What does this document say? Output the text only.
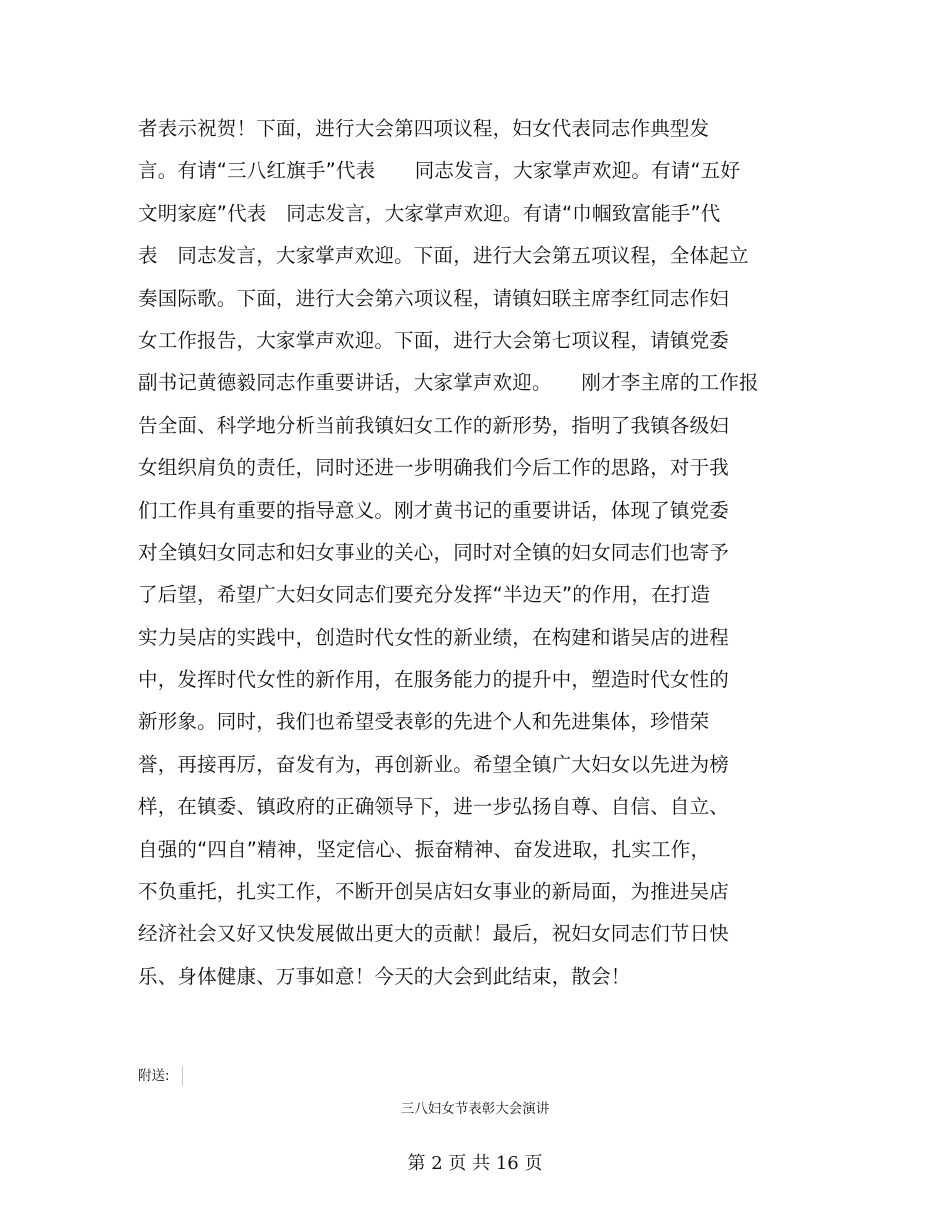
者表示祝贺！下面，进行大会第四项议程，妇女代表同志作典型发
言。有请“三八红旗手”代表　　同志发言，大家掌声欢迎。有请“五好
文明家庭”代表　同志发言，大家掌声欢迎。有请“巾帼致富能手”代
表　同志发言，大家掌声欢迎。下面，进行大会第五项议程，全体起立
奏国际歌。下面，进行大会第六项议程，请镇妇联主席李红同志作妇
女工作报告，大家掌声欢迎。下面，进行大会第七项议程，请镇党委
副书记黄德毅同志作重要讲话，大家掌声欢迎。　　刚才李主席的工作报
告全面、科学地分析当前我镇妇女工作的新形势，指明了我镇各级妇
女组织肩负的责任，同时还进一步明确我们今后工作的思路，对于我
们工作具有重要的指导意义。刚才黄书记的重要讲话，体现了镇党委
对全镇妇女同志和妇女事业的关心，同时对全镇的妇女同志们也寄予
了后望，希望广大妇女同志们要充分发挥“半边天”的作用，在打造
实力吴店的实践中，创造时代女性的新业绩，在构建和谐吴店的进程
中，发挥时代女性的新作用，在服务能力的提升中，塑造时代女性的
新形象。同时，我们也希望受表彰的先进个人和先进集体，珍惜荣
誉，再接再厉，奋发有为，再创新业。希望全镇广大妇女以先进为榜
样，在镇委、镇政府的正确领导下，进一步弘扬自尊、自信、自立、
自强的“四自”精神，坚定信心、振奋精神、奋发进取，扎实工作，
不负重托，扎实工作，不断开创吴店妇女事业的新局面，为推进吴店
经济社会又好又快发展做出更大的贡献！最后，祝妇女同志们节日快
乐、身体健康、万事如意！今天的大会到此结束，散会！
附送:
三八妇女节表彰大会演讲
第 2 页 共 16 页
